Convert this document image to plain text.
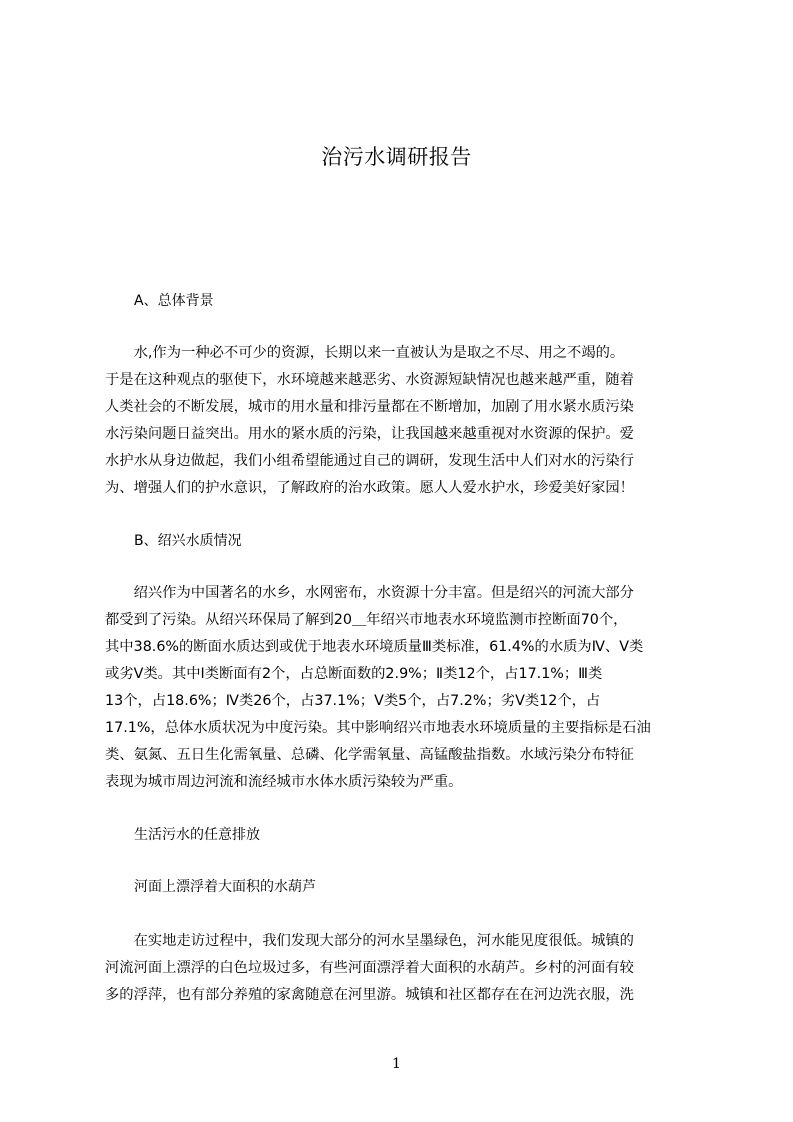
治污水调研报告
A、总体背景
　　水,作为一种必不可少的资源，长期以来一直被认为是取之不尽、用之不竭的。
于是在这种观点的驱使下，水环境越来越恶劣、水资源短缺情况也越来越严重，随着
人类社会的不断发展，城市的用水量和排污量都在不断增加，加剧了用水紧水质污染
水污染问题日益突出。用水的紧水质的污染，让我国越来越重视对水资源的保护。爱
水护水从身边做起，我们小组希望能通过自己的调研，发现生活中人们对水的污染行
为、增强人们的护水意识，了解政府的治水政策。愿人人爱水护水，珍爱美好家园！
B、绍兴水质情况
　　绍兴作为中国著名的水乡，水网密布，水资源十分丰富。但是绍兴的河流大部分
都受到了污染。从绍兴环保局了解到20＿年绍兴市地表水环境监测市控断面70个，
其中38.6%的断面水质达到或优于地表水环境质量Ⅲ类标准，61.4%的水质为Ⅳ、Ⅴ类
或劣Ⅴ类。其中Ⅰ类断面有2个，占总断面数的2.9%；Ⅱ类12个，占17.1%；Ⅲ类
13个，占18.6%；Ⅳ类26个，占37.1%；Ⅴ类5个，占7.2%；劣Ⅴ类12个，占
17.1%，总体水质状况为中度污染。其中影响绍兴市地表水环境质量的主要指标是石油
类、氨氮、五日生化需氧量、总磷、化学需氧量、高锰酸盐指数。水域污染分布特征
表现为城市周边河流和流经城市水体水质污染较为严重。
生活污水的任意排放
河面上漂浮着大面积的水葫芦
　　在实地走访过程中，我们发现大部分的河水呈墨绿色，河水能见度很低。城镇的
河流河面上漂浮的白色垃圾过多，有些河面漂浮着大面积的水葫芦。乡村的河面有较
多的浮萍，也有部分养殖的家禽随意在河里游。城镇和社区都存在在河边洗衣服，洗
1
